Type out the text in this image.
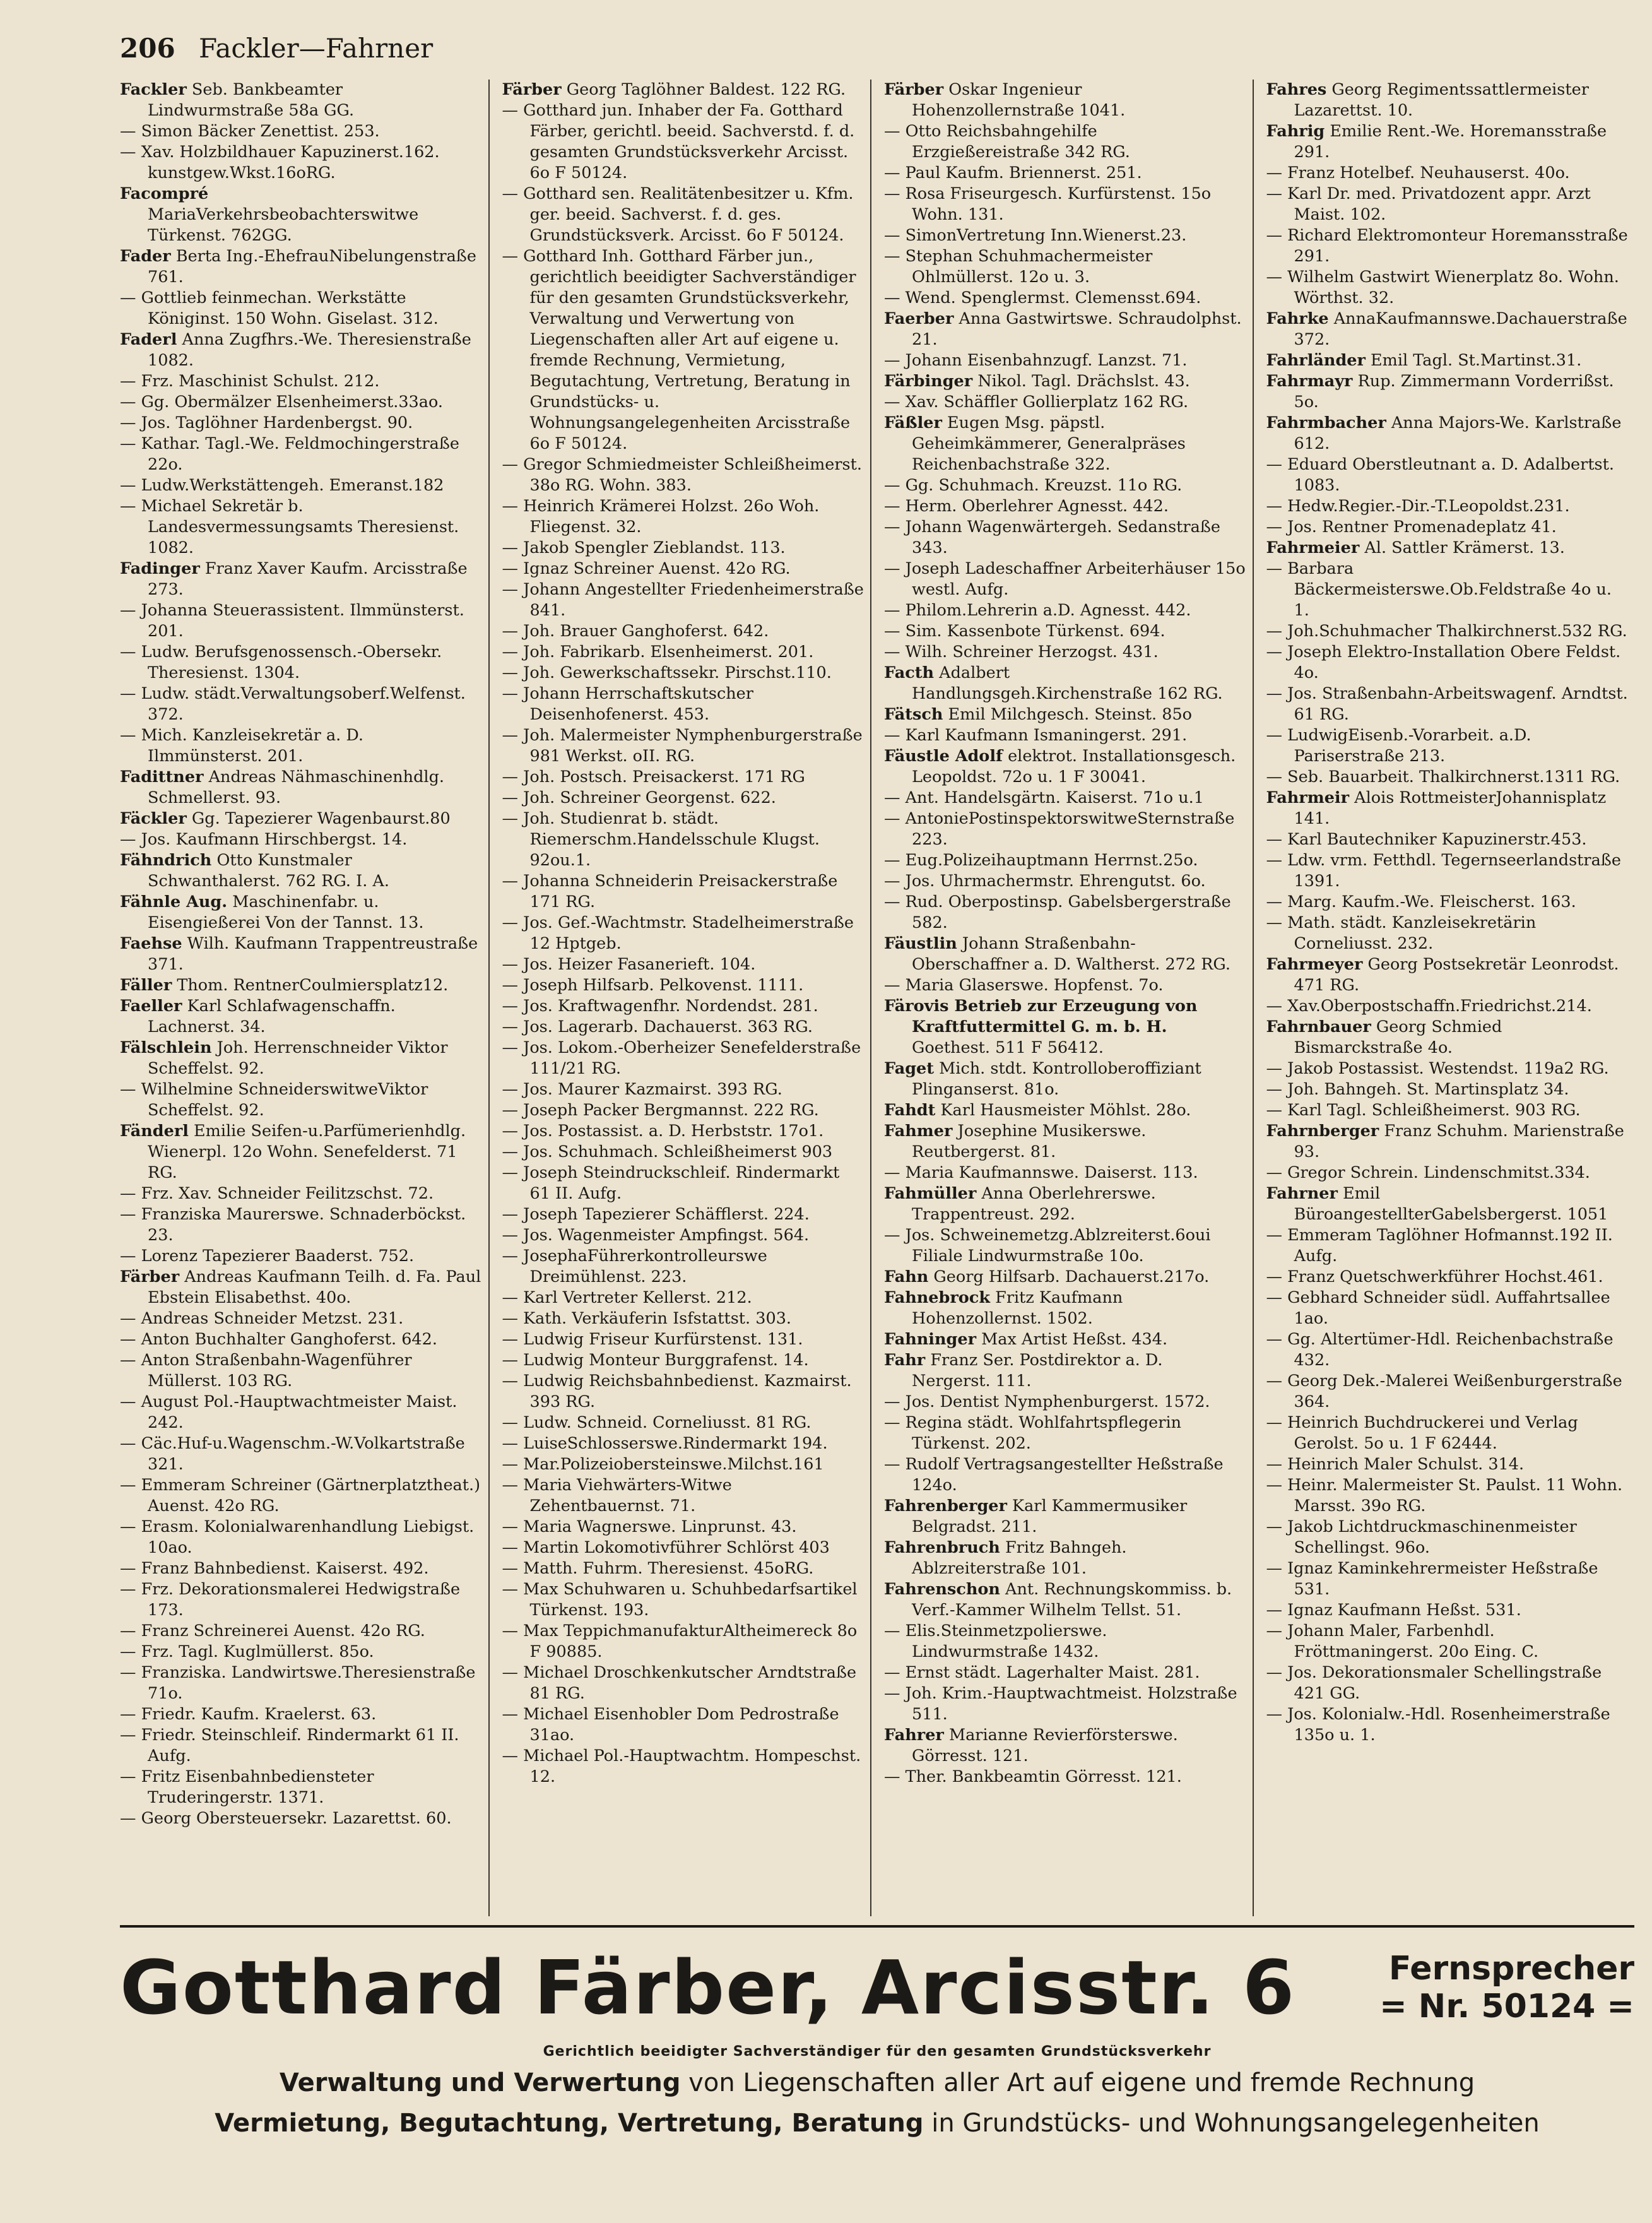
206 Fackler—Fahrner
Fackler Seb. Bankbeamter Lindwurmstraße 58a GG.
— Simon Bäcker Zenettist. 253.
— Xav. Holzbildhauer Kapuzinerst.162. kunstgew.Wkst.16oRG.
Facompré MariaVerkehrsbeobachterswitwe Türkenst. 762GG.
Fader Berta Ing.-EhefrauNibelungenstraße 761.
— Gottlieb feinmechan. Werkstätte Königinst. 150 Wohn. Giselast. 312.
Faderl Anna Zugfhrs.-We. Theresienstraße 1082.
— Frz. Maschinist Schulst. 212.
— Gg. Obermälzer Elsenheimerst.33ao.
— Jos. Taglöhner Hardenbergst. 90.
— Kathar. Tagl.-We. Feldmochingerstraße 22o.
— Ludw.Werkstättengeh. Emeranst.182
— Michael Sekretär b. Landesvermessungsamts Theresienst. 1082.
Fadinger Franz Xaver Kaufm. Arcisstraße 273.
— Johanna Steuerassistent. Ilmmünsterst. 201.
— Ludw. Berufsgenossensch.-Obersekr. Theresienst. 1304.
— Ludw. städt.Verwaltungsoberf.Welfenst. 372.
— Mich. Kanzleisekretär a. D. Ilmmünsterst. 201.
Fadittner Andreas Nähmaschinenhdlg. Schmellerst. 93.
Fäckler Gg. Tapezierer Wagenbaurst.80
— Jos. Kaufmann Hirschbergst. 14.
Fähndrich Otto Kunstmaler Schwanthalerst. 762 RG. I. A.
Fähnle Aug. Maschinenfabr. u. Eisengießerei Von der Tannst. 13.
Faehse Wilh. Kaufmann Trappentreustraße 371.
Fäller Thom. RentnerCoulmiersplatz12.
Faeller Karl Schlafwagenschaffn. Lachnerst. 34.
Fälschlein Joh. Herrenschneider Viktor Scheffelst. 92.
— Wilhelmine SchneiderswitweViktor Scheffelst. 92.
Fänderl Emilie Seifen-u.Parfümerienhdlg. Wienerpl. 12o Wohn. Senefelderst. 71 RG.
— Frz. Xav. Schneider Feilitzschst. 72.
— Franziska Maurerswe. Schnaderböckst. 23.
— Lorenz Tapezierer Baaderst. 752.
Färber Andreas Kaufmann Teilh. d. Fa. Paul Ebstein Elisabethst. 40o.
— Andreas Schneider Metzst. 231.
— Anton Buchhalter Ganghoferst. 642.
— Anton Straßenbahn-Wagenführer Müllerst. 103 RG.
— August Pol.-Hauptwachtmeister Maist. 242.
— Cäc.Huf-u.Wagenschm.-W.Volkartstraße 321.
— Emmeram Schreiner (Gärtnerplatztheat.) Auenst. 42o RG.
— Erasm. Kolonialwarenhandlung Liebigst. 10ao.
— Franz Bahnbedienst. Kaiserst. 492.
— Frz. Dekorationsmalerei Hedwigstraße 173.
— Franz Schreinerei Auenst. 42o RG.
— Frz. Tagl. Kuglmüllerst. 85o.
— Franziska. Landwirtswe.Theresienstraße 71o.
— Friedr. Kaufm. Kraelerst. 63.
— Friedr. Steinschleif. Rindermarkt 61 II. Aufg.
— Fritz Eisenbahnbediensteter Truderingerstr. 1371.
— Georg Obersteuersekr. Lazarettst. 60.
Färber Georg Taglöhner Baldest. 122 RG.
— Gotthard jun. Inhaber der Fa. Gotthard Färber, gerichtl. beeid. Sachverstd. f. d. gesamten Grundstücksverkehr Arcisst. 6o F 50124.
— Gotthard sen. Realitätenbesitzer u. Kfm. ger. beeid. Sachverst. f. d. ges. Grundstücksverk. Arcisst. 6o F 50124.
— Gotthard Inh. Gotthard Färber jun., gerichtlich beeidigter Sachverständiger für den gesamten Grundstücksverkehr, Verwaltung und Verwertung von Liegenschaften aller Art auf eigene u. fremde Rechnung, Vermietung, Begutachtung, Vertretung, Beratung in Grundstücks- u. Wohnungsangelegenheiten Arcisstraße 6o F 50124.
— Gregor Schmiedmeister Schleißheimerst. 38o RG. Wohn. 383.
— Heinrich Krämerei Holzst. 26o Woh. Fliegenst. 32.
— Jakob Spengler Zieblandst. 113.
— Ignaz Schreiner Auenst. 42o RG.
— Johann Angestellter Friedenheimerstraße 841.
— Joh. Brauer Ganghoferst. 642.
— Joh. Fabrikarb. Elsenheimerst. 201.
— Joh. Gewerkschaftssekr. Pirschst.110.
— Johann Herrschaftskutscher Deisenhofenerst. 453.
— Joh. Malermeister Nymphenburgerstraße 981 Werkst. oII. RG.
— Joh. Postsch. Preisackerst. 171 RG
— Joh. Schreiner Georgenst. 622.
— Joh. Studienrat b. städt. Riemerschm.Handelsschule Klugst. 92ou.1.
— Johanna Schneiderin Preisackerstraße 171 RG.
— Jos. Gef.-Wachtmstr. Stadelheimerstraße 12 Hptgeb.
— Jos. Heizer Fasanerieft. 104.
— Joseph Hilfsarb. Pelkovenst. 1111.
— Jos. Kraftwagenfhr. Nordendst. 281.
— Jos. Lagerarb. Dachauerst. 363 RG.
— Jos. Lokom.-Oberheizer Senefelderstraße 111/21 RG.
— Jos. Maurer Kazmairst. 393 RG.
— Joseph Packer Bergmannst. 222 RG.
— Jos. Postassist. a. D. Herbststr. 17o1.
— Jos. Schuhmach. Schleißheimerst 903
— Joseph Steindruckschleif. Rindermarkt 61 II. Aufg.
— Joseph Tapezierer Schäfflerst. 224.
— Jos. Wagenmeister Ampfingst. 564.
— JosephaFührerkontrolleurswe Dreimühlenst. 223.
— Karl Vertreter Kellerst. 212.
— Kath. Verkäuferin Isfstattst. 303.
— Ludwig Friseur Kurfürstenst. 131.
— Ludwig Monteur Burggrafenst. 14.
— Ludwig Reichsbahnbedienst. Kazmairst. 393 RG.
— Ludw. Schneid. Corneliusst. 81 RG.
— LuiseSchlosserswe.Rindermarkt 194.
— Mar.Polizeiobersteinswe.Milchst.161
— Maria Viehwärters-Witwe Zehentbauernst. 71.
— Maria Wagnerswe. Linprunst. 43.
— Martin Lokomotivführer Schlörst 403
— Matth. Fuhrm. Theresienst. 45oRG.
— Max Schuhwaren u. Schuhbedarfsartikel Türkenst. 193.
— Max TeppichmanufakturAltheimereck 8o F 90885.
— Michael Droschkenkutscher Arndtstraße 81 RG.
— Michael Eisenhobler Dom Pedrostraße 31ao.
— Michael Pol.-Hauptwachtm. Hompeschst. 12.
Färber Oskar Ingenieur Hohenzollernstraße 1041.
— Otto Reichsbahngehilfe Erzgießereistraße 342 RG.
— Paul Kaufm. Briennerst. 251.
— Rosa Friseurgesch. Kurfürstenst. 15o Wohn. 131.
— SimonVertretung Inn.Wienerst.23.
— Stephan Schuhmachermeister Ohlmüllerst. 12o u. 3.
— Wend. Spenglermst. Clemensst.694.
Faerber Anna Gastwirtswe. Schraudolphst. 21.
— Johann Eisenbahnzugf. Lanzst. 71.
Färbinger Nikol. Tagl. Drächslst. 43.
— Xav. Schäffler Gollierplatz 162 RG.
Fäßler Eugen Msg. päpstl. Geheimkämmerer, Generalpräses Reichenbachstraße 322.
— Gg. Schuhmach. Kreuzst. 11o RG.
— Herm. Oberlehrer Agnesst. 442.
— Johann Wagenwärtergeh. Sedanstraße 343.
— Joseph Ladeschaffner Arbeiterhäuser 15o westl. Aufg.
— Philom.Lehrerin a.D. Agnesst. 442.
— Sim. Kassenbote Türkenst. 694.
— Wilh. Schreiner Herzogst. 431.
Facth Adalbert Handlungsgeh.Kirchenstraße 162 RG.
Fätsch Emil Milchgesch. Steinst. 85o
— Karl Kaufmann Ismaningerst. 291.
Fäustle Adolf elektrot. Installationsgesch. Leopoldst. 72o u. 1 F 30041.
— Ant. Handelsgärtn. Kaiserst. 71o u.1
— AntoniePostinspektorswitweSternstraße 223.
— Eug.Polizeihauptmann Herrnst.25o.
— Jos. Uhrmachermstr. Ehrengutst. 6o.
— Rud. Oberpostinsp. Gabelsbergerstraße 582.
Fäustlin Johann Straßenbahn-Oberschaffner a. D. Waltherst. 272 RG.
— Maria Glaserswe. Hopfenst. 7o.
Färovis Betrieb zur Erzeugung von Kraftfuttermittel G. m. b. H. Goethest. 511 F 56412.
Faget Mich. stdt. Kontrolloberoffiziant Plinganserst. 81o.
Fahdt Karl Hausmeister Möhlst. 28o.
Fahmer Josephine Musikerswe. Reutbergerst. 81.
— Maria Kaufmannswe. Daiserst. 113.
Fahmüller Anna Oberlehrerswe. Trappentreust. 292.
— Jos. Schweinemetzg.Ablzreiterst.6oui Filiale Lindwurmstraße 10o.
Fahn Georg Hilfsarb. Dachauerst.217o.
Fahnebrock Fritz Kaufmann Hohenzollernst. 1502.
Fahninger Max Artist Heßst. 434.
Fahr Franz Ser. Postdirektor a. D. Nergerst. 111.
— Jos. Dentist Nymphenburgerst. 1572.
— Regina städt. Wohlfahrtspflegerin Türkenst. 202.
— Rudolf Vertragsangestellter Heßstraße 124o.
Fahrenberger Karl Kammermusiker Belgradst. 211.
Fahrenbruch Fritz Bahngeh. Ablzreiterstraße 101.
Fahrenschon Ant. Rechnungskommiss. b. Verf.-Kammer Wilhelm Tellst. 51.
— Elis.Steinmetzpolierswe. Lindwurmstraße 1432.
— Ernst städt. Lagerhalter Maist. 281.
— Joh. Krim.-Hauptwachtmeist. Holzstraße 511.
Fahrer Marianne Revierförsterswe. Görresst. 121.
— Ther. Bankbeamtin Görresst. 121.
Fahres Georg Regimentssattlermeister Lazarettst. 10.
Fahrig Emilie Rent.-We. Horemansstraße 291.
— Franz Hotelbef. Neuhauserst. 40o.
— Karl Dr. med. Privatdozent appr. Arzt Maist. 102.
— Richard Elektromonteur Horemansstraße 291.
— Wilhelm Gastwirt Wienerplatz 8o. Wohn. Wörthst. 32.
Fahrke AnnaKaufmannswe.Dachauerstraße 372.
Fahrländer Emil Tagl. St.Martinst.31.
Fahrmayr Rup. Zimmermann Vorderrißst. 5o.
Fahrmbacher Anna Majors-We. Karlstraße 612.
— Eduard Oberstleutnant a. D. Adalbertst. 1083.
— Hedw.Regier.-Dir.-T.Leopoldst.231.
— Jos. Rentner Promenadeplatz 41.
Fahrmeier Al. Sattler Krämerst. 13.
— Barbara Bäckermeisterswe.Ob.Feldstraße 4o u. 1.
— Joh.Schuhmacher Thalkirchnerst.532 RG.
— Joseph Elektro-Installation Obere Feldst. 4o.
— Jos. Straßenbahn-Arbeitswagenf. Arndtst. 61 RG.
— LudwigEisenb.-Vorarbeit. a.D. Pariserstraße 213.
— Seb. Bauarbeit. Thalkirchnerst.1311 RG.
Fahrmeir Alois RottmeisterJohannisplatz 141.
— Karl Bautechniker Kapuzinerstr.453.
— Ldw. vrm. Fetthdl. Tegernseerlandstraße 1391.
— Marg. Kaufm.-We. Fleischerst. 163.
— Math. städt. Kanzleisekretärin Corneliusst. 232.
Fahrmeyer Georg Postsekretär Leonrodst. 471 RG.
— Xav.Oberpostschaffn.Friedrichst.214.
Fahrnbauer Georg Schmied Bismarckstraße 4o.
— Jakob Postassist. Westendst. 119a2 RG.
— Joh. Bahngeh. St. Martinsplatz 34.
— Karl Tagl. Schleißheimerst. 903 RG.
Fahrnberger Franz Schuhm. Marienstraße 93.
— Gregor Schrein. Lindenschmitst.334.
Fahrner Emil BüroangestellterGabelsbergerst. 1051
— Emmeram Taglöhner Hofmannst.192 II. Aufg.
— Franz Quetschwerkführer Hochst.461.
— Gebhard Schneider südl. Auffahrtsallee 1ao.
— Gg. Altertümer-Hdl. Reichenbachstraße 432.
— Georg Dek.-Malerei Weißenburgerstraße 364.
— Heinrich Buchdruckerei und Verlag Gerolst. 5o u. 1 F 62444.
— Heinrich Maler Schulst. 314.
— Heinr. Malermeister St. Paulst. 11 Wohn. Marsst. 39o RG.
— Jakob Lichtdruckmaschinenmeister Schellingst. 96o.
— Ignaz Kaminkehrermeister Heßstraße 531.
— Ignaz Kaufmann Heßst. 531.
— Johann Maler, Farbenhdl. Fröttmaningerst. 20o Eing. C.
— Jos. Dekorationsmaler Schellingstraße 421 GG.
— Jos. Kolonialw.-Hdl. Rosenheimerstraße 135o u. 1.
Gotthard Färber, Arcisstr. 6	Fernsprecher
= Nr. 50124 =
Gerichtlich beeidigter Sachverständiger für den gesamten Grundstücksverkehr
Verwaltung und Verwertung von Liegenschaften aller Art auf eigene und fremde Rechnung
Vermietung, Begutachtung, Vertretung, Beratung in Grundstücks- und Wohnungsangelegenheiten
